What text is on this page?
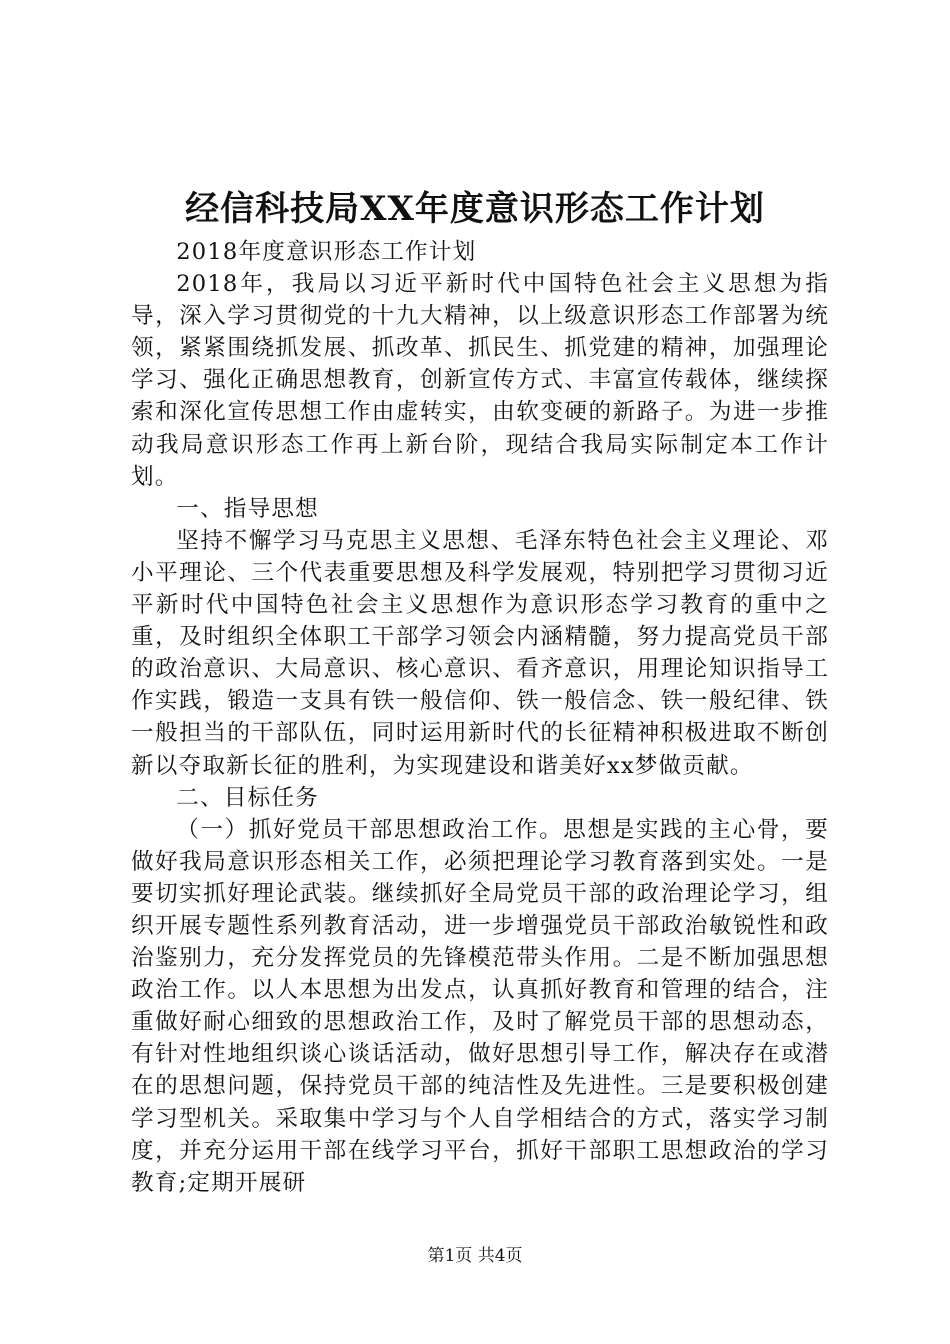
经信科技局XX年度意识形态工作计划

2018年度意识形态工作计划

2018年，我局以习近平新时代中国特色社会主义思想为指导，深入学习贯彻党的十九大精神，以上级意识形态工作部署为统领，紧紧围绕抓发展、抓改革、抓民生、抓党建的精神，加强理论学习、强化正确思想教育，创新宣传方式、丰富宣传载体，继续探索和深化宣传思想工作由虚转实，由软变硬的新路子。为进一步推动我局意识形态工作再上新台阶，现结合我局实际制定本工作计划。

一、指导思想

坚持不懈学习马克思主义思想、毛泽东特色社会主义理论、邓小平理论、三个代表重要思想及科学发展观，特别把学习贯彻习近平新时代中国特色社会主义思想作为意识形态学习教育的重中之重，及时组织全体职工干部学习领会内涵精髓，努力提高党员干部的政治意识、大局意识、核心意识、看齐意识，用理论知识指导工作实践，锻造一支具有铁一般信仰、铁一般信念、铁一般纪律、铁一般担当的干部队伍，同时运用新时代的长征精神积极进取不断创新以夺取新长征的胜利，为实现建设和谐美好xx梦做贡献。

二、目标任务

（一）抓好党员干部思想政治工作。思想是实践的主心骨，要做好我局意识形态相关工作，必须把理论学习教育落到实处。一是要切实抓好理论武装。继续抓好全局党员干部的政治理论学习，组织开展专题性系列教育活动，进一步增强党员干部政治敏锐性和政治鉴别力，充分发挥党员的先锋模范带头作用。二是不断加强思想政治工作。以人本思想为出发点，认真抓好教育和管理的结合，注重做好耐心细致的思想政治工作，及时了解党员干部的思想动态，有针对性地组织谈心谈话活动，做好思想引导工作，解决存在或潜在的思想问题，保持党员干部的纯洁性及先进性。三是要积极创建学习型机关。采取集中学习与个人自学相结合的方式，落实学习制度，并充分运用干部在线学习平台，抓好干部职工思想政治的学习教育;定期开展研

第1页 共4页
